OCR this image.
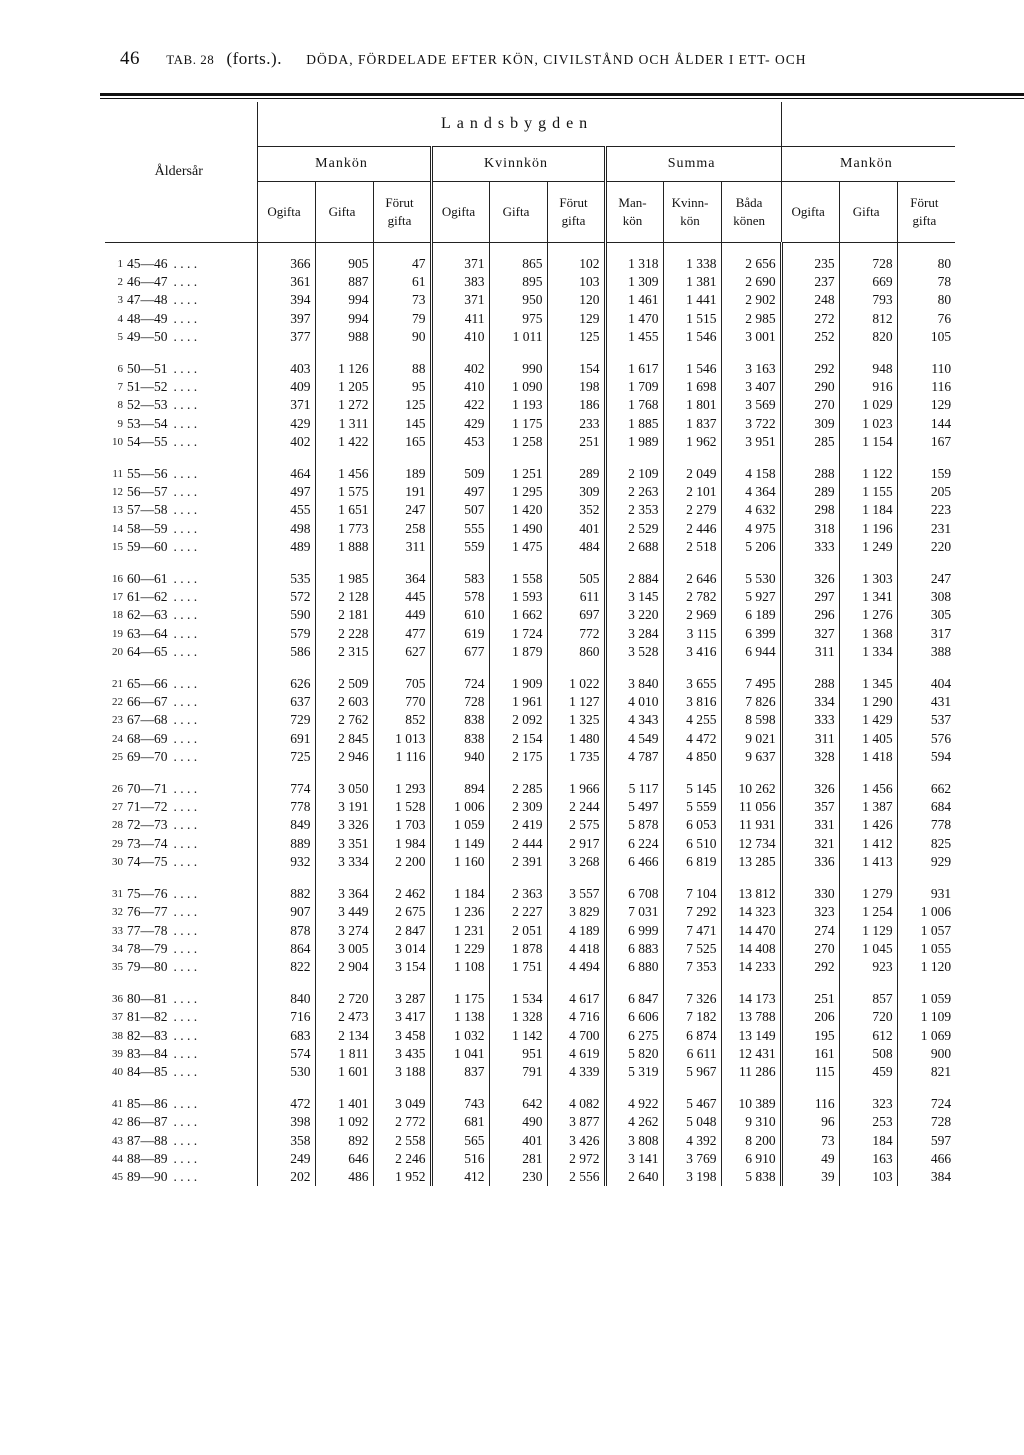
46 TAB. 28 (forts.). DÖDA, FÖRDELADE EFTER KÖN, CIVILSTÅND OCH ÅLDER I ETT- OCH
Åldersår		Landsbygden											
		Mankön			Kvinnkön			Summa			Mankön		
		Ogifta	Gifta	Förut
gifta	Ogifta	Gifta	Förut
gifta	Man-
kön	Kvinn-
kön	Båda
könen	Ogifta	Gifta	Förut
gifta

1	45—46 . . . .	366	905	47	371	865	102	1 318	1 338	2 656	235	728	80
2	46—47 . . . .	361	887	61	383	895	103	1 309	1 381	2 690	237	669	78
3	47—48 . . . .	394	994	73	371	950	120	1 461	1 441	2 902	248	793	80
4	48—49 . . . .	397	994	79	411	975	129	1 470	1 515	2 985	272	812	76
5	49—50 . . . .	377	988	90	410	1 011	125	1 455	1 546	3 001	252	820	105

6	50—51 . . . .	403	1 126	88	402	990	154	1 617	1 546	3 163	292	948	110
7	51—52 . . . .	409	1 205	95	410	1 090	198	1 709	1 698	3 407	290	916	116
8	52—53 . . . .	371	1 272	125	422	1 193	186	1 768	1 801	3 569	270	1 029	129
9	53—54 . . . .	429	1 311	145	429	1 175	233	1 885	1 837	3 722	309	1 023	144
10	54—55 . . . .	402	1 422	165	453	1 258	251	1 989	1 962	3 951	285	1 154	167

11	55—56 . . . .	464	1 456	189	509	1 251	289	2 109	2 049	4 158	288	1 122	159
12	56—57 . . . .	497	1 575	191	497	1 295	309	2 263	2 101	4 364	289	1 155	205
13	57—58 . . . .	455	1 651	247	507	1 420	352	2 353	2 279	4 632	298	1 184	223
14	58—59 . . . .	498	1 773	258	555	1 490	401	2 529	2 446	4 975	318	1 196	231
15	59—60 . . . .	489	1 888	311	559	1 475	484	2 688	2 518	5 206	333	1 249	220

16	60—61 . . . .	535	1 985	364	583	1 558	505	2 884	2 646	5 530	326	1 303	247
17	61—62 . . . .	572	2 128	445	578	1 593	611	3 145	2 782	5 927	297	1 341	308
18	62—63 . . . .	590	2 181	449	610	1 662	697	3 220	2 969	6 189	296	1 276	305
19	63—64 . . . .	579	2 228	477	619	1 724	772	3 284	3 115	6 399	327	1 368	317
20	64—65 . . . .	586	2 315	627	677	1 879	860	3 528	3 416	6 944	311	1 334	388

21	65—66 . . . .	626	2 509	705	724	1 909	1 022	3 840	3 655	7 495	288	1 345	404
22	66—67 . . . .	637	2 603	770	728	1 961	1 127	4 010	3 816	7 826	334	1 290	431
23	67—68 . . . .	729	2 762	852	838	2 092	1 325	4 343	4 255	8 598	333	1 429	537
24	68—69 . . . .	691	2 845	1 013	838	2 154	1 480	4 549	4 472	9 021	311	1 405	576
25	69—70 . . . .	725	2 946	1 116	940	2 175	1 735	4 787	4 850	9 637	328	1 418	594

26	70—71 . . . .	774	3 050	1 293	894	2 285	1 966	5 117	5 145	10 262	326	1 456	662
27	71—72 . . . .	778	3 191	1 528	1 006	2 309	2 244	5 497	5 559	11 056	357	1 387	684
28	72—73 . . . .	849	3 326	1 703	1 059	2 419	2 575	5 878	6 053	11 931	331	1 426	778
29	73—74 . . . .	889	3 351	1 984	1 149	2 444	2 917	6 224	6 510	12 734	321	1 412	825
30	74—75 . . . .	932	3 334	2 200	1 160	2 391	3 268	6 466	6 819	13 285	336	1 413	929

31	75—76 . . . .	882	3 364	2 462	1 184	2 363	3 557	6 708	7 104	13 812	330	1 279	931
32	76—77 . . . .	907	3 449	2 675	1 236	2 227	3 829	7 031	7 292	14 323	323	1 254	1 006
33	77—78 . . . .	878	3 274	2 847	1 231	2 051	4 189	6 999	7 471	14 470	274	1 129	1 057
34	78—79 . . . .	864	3 005	3 014	1 229	1 878	4 418	6 883	7 525	14 408	270	1 045	1 055
35	79—80 . . . .	822	2 904	3 154	1 108	1 751	4 494	6 880	7 353	14 233	292	923	1 120

36	80—81 . . . .	840	2 720	3 287	1 175	1 534	4 617	6 847	7 326	14 173	251	857	1 059
37	81—82 . . . .	716	2 473	3 417	1 138	1 328	4 716	6 606	7 182	13 788	206	720	1 109
38	82—83 . . . .	683	2 134	3 458	1 032	1 142	4 700	6 275	6 874	13 149	195	612	1 069
39	83—84 . . . .	574	1 811	3 435	1 041	951	4 619	5 820	6 611	12 431	161	508	900
40	84—85 . . . .	530	1 601	3 188	837	791	4 339	5 319	5 967	11 286	115	459	821

41	85—86 . . . .	472	1 401	3 049	743	642	4 082	4 922	5 467	10 389	116	323	724
42	86—87 . . . .	398	1 092	2 772	681	490	3 877	4 262	5 048	9 310	96	253	728
43	87—88 . . . .	358	892	2 558	565	401	3 426	3 808	4 392	8 200	73	184	597
44	88—89 . . . .	249	646	2 246	516	281	2 972	3 141	3 769	6 910	49	163	466
45	89—90 . . . .	202	486	1 952	412	230	2 556	2 640	3 198	5 838	39	103	384
